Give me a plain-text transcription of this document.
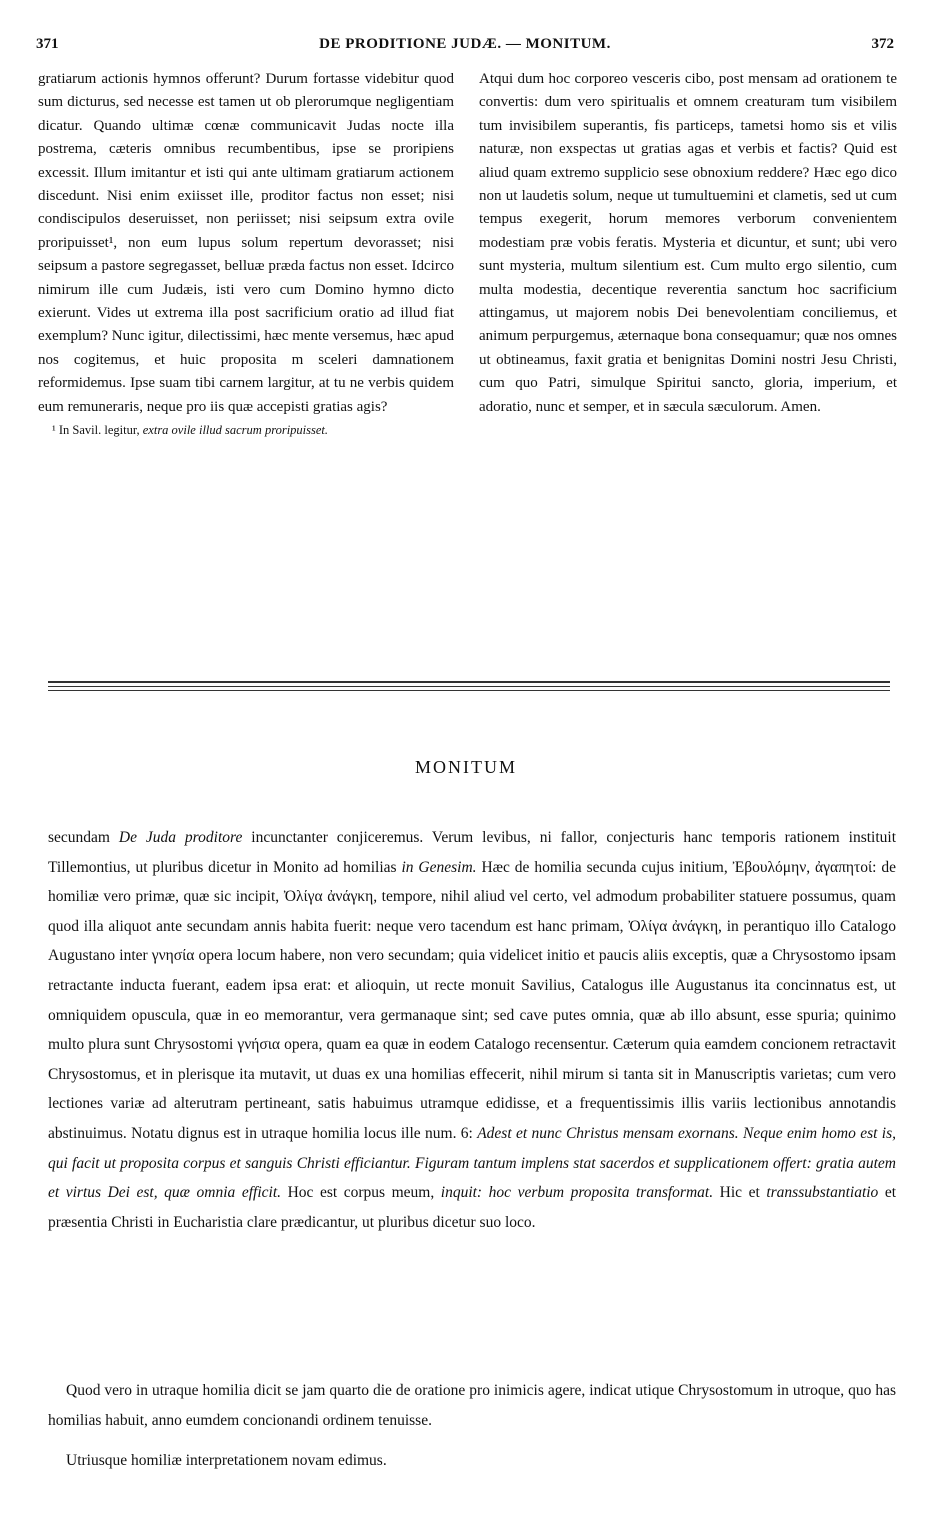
371	DE PRODITIONE JUDÆ. — MONITUM.	372

gratiarum actionis hymnos offerunt? Durum fortasse videbitur quod sum dicturus, sed necesse est tamen ut ob plerorumque negligentiam dicatur. Quando ultimæ cœnæ communicavit Judas nocte illa postrema, cæteris omnibus recumbentibus, ipse se proripiens excessit. Illum imitantur et isti qui ante ultimam gratiarum actionem discedunt. Nisi enim exiisset ille, proditor factus non esset; nisi condiscipulos deseruisset, non periisset; nisi seipsum extra ovile proripuisset¹, non eum lupus solum repertum devorasset; nisi seipsum a pastore segregasset, belluæ præda factus non esset. Idcirco nimirum ille cum Judæis, isti vero cum Domino hymno dicto exierunt. Vides ut extrema illa post sacrificium oratio ad illud fiat exemplum? Nunc igitur, dilectissimi, hæc mente versemus, hæc apud nos cogitemus, et huic proposita m sceleri damnationem reformidemus. Ipse suam tibi carnem largitur, at tu ne verbis quidem eum remuneraris, neque pro iis quæ accepisti gratias agis?

¹ In Savil. legitur, extra ovile illud sacrum proripuisset.

Atqui dum hoc corporeo vesceris cibo, post mensam ad orationem te convertis: dum vero spiritualis et omnem creaturam tum visibilem tum invisibilem superantis, fis particeps, tametsi homo sis et vilis naturæ, non exspectas ut gratias agas et verbis et factis? Quid est aliud quam extremo supplicio sese obnoxium reddere? Hæc ego dico non ut laudetis solum, neque ut tumultuemini et clametis, sed ut cum tempus exegerit, horum memores verborum convenientem modestiam præ vobis feratis. Mysteria et dicuntur, et sunt; ubi vero sunt mysteria, multum silentium est. Cum multo ergo silentio, cum multa modestia, decentique reverentia sanctum hoc sacrificium attingamus, ut majorem nobis Dei benevolentiam conciliemus, et animum perpurgemus, æternaque bona consequamur; quæ nos omnes ut obtineamus, faxit gratia et benignitas Domini nostri Jesu Christi, cum quo Patri, simulque Spiritui sancto, gloria, imperium, et adoratio, nunc et semper, et in sæcula sæculorum. Amen.

MONITUM

secundam De Juda proditore incunctanter conjiceremus. Verum levibus, ni fallor, conjecturis hanc temporis rationem instituit Tillemontius, ut pluribus dicetur in Monito ad homilias in Genesim. Hæc de homilia secunda cujus initium, Ἐβουλόμην, ἀγαπητοί: de homiliæ vero primæ, quæ sic incipit, Ὀλίγα ἀνάγκη, tempore, nihil aliud vel certo, vel admodum probabiliter statuere possumus, quam quod illa aliquot ante secundam annis habita fuerit: neque vero tacendum est hanc primam, Ὀλίγα ἀνάγκη, in perantiquo illo Catalogo Augustano inter γνησία opera locum habere, non vero secundam; quia videlicet initio et paucis aliis exceptis, quæ a Chrysostomo ipsam retractante inducta fuerant, eadem ipsa erat: et alioquin, ut recte monuit Savilius, Catalogus ille Augustanus ita concinnatus est, ut omniquidem opuscula, quæ in eo memorantur, vera germanaque sint; sed cave putes omnia, quæ ab illo absunt, esse spuria; quinimo multo plura sunt Chrysostomi γνήσια opera, quam ea quæ in eodem Catalogo recensentur. Cæterum quia eamdem concionem retractavit Chrysostomus, et in plerisque ita mutavit, ut duas ex una homilias effecerit, nihil mirum si tanta sit in Manuscriptis varietas; cum vero lectiones variæ ad alterutram pertineant, satis habuimus utramque edidisse, et a frequentissimis illis variis lectionibus annotandis abstinuimus. Notatu dignus est in utraque homilia locus ille num. 6: Adest et nunc Christus mensam exornans. Neque enim homo est is, qui facit ut proposita corpus et sanguis Christi efficiantur. Figuram tantum implens stat sacerdos et supplicationem offert: gratia autem et virtus Dei est, quæ omnia efficit. Hoc est corpus meum, inquit: hoc verbum proposita transformat. Hic et transsubstantiatio et præsentia Christi in Eucharistia clare prædicantur, ut pluribus dicetur suo loco.

Quod vero in utraque homilia dicit se jam quarto die de oratione pro inimicis agere, indicat utique Chrysostomum in utroque, quo has homilias habuit, anno eumdem concionandi ordinem tenuisse.

Utriusque homiliæ interpretationem novam edimus.
